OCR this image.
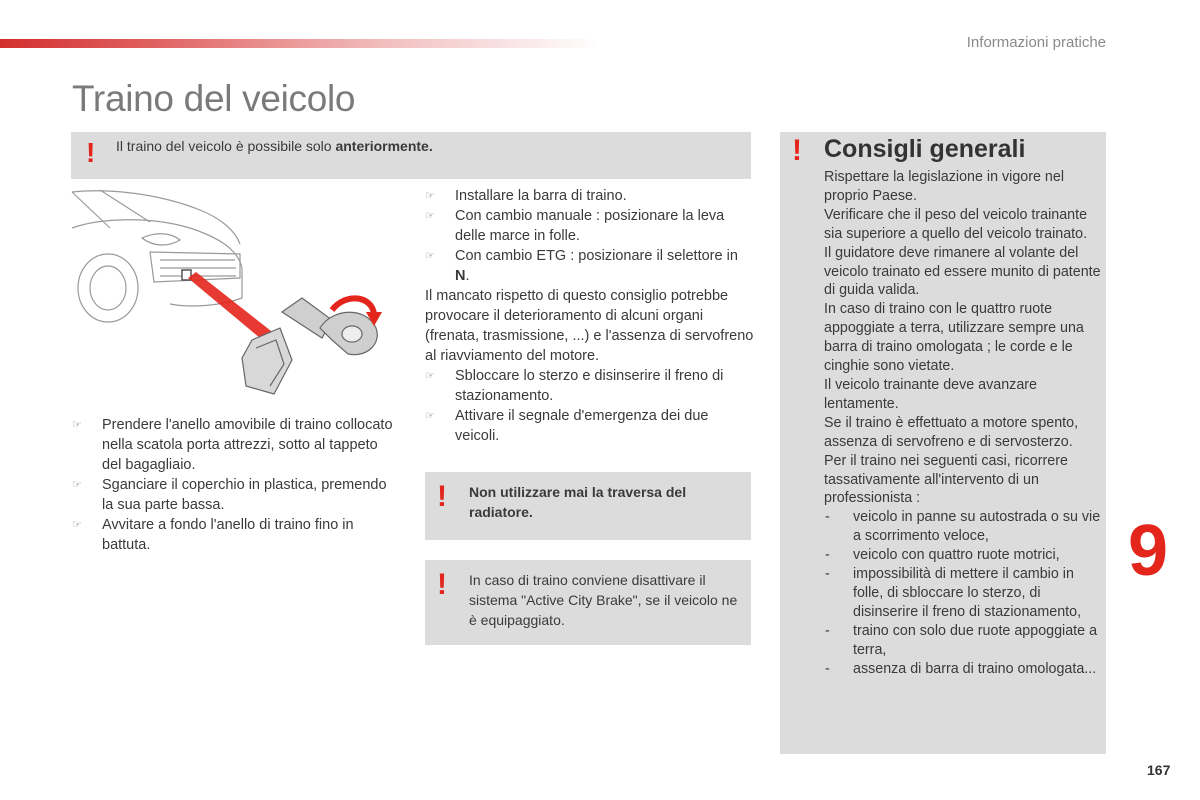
Informazioni pratiche
Traino del veicolo
! Il traino del veicolo è possibile solo anteriormente.
☞ Prendere l'anello amovibile di traino collocato nella scatola porta attrezzi, sotto al tappeto del bagagliaio.
☞ Sganciare il coperchio in plastica, premendo la sua parte bassa.
☞ Avvitare a fondo l'anello di traino fino in battuta.
☞ Installare la barra di traino.
☞ Con cambio manuale : posizionare la leva delle marce in folle.
☞ Con cambio ETG : posizionare il selettore in N.
Il mancato rispetto di questo consiglio potrebbe provocare il deterioramento di alcuni organi (frenata, trasmissione, ...) e l'assenza di servofreno al riavviamento del motore.
☞ Sbloccare lo sterzo e disinserire il freno di stazionamento.
☞ Attivare il segnale d'emergenza dei due veicoli.
! Non utilizzare mai la traversa del radiatore.
! In caso di traino conviene disattivare il sistema "Active City Brake", se il veicolo ne è equipaggiato.
! Consigli generali
Rispettare la legislazione in vigore nel proprio Paese.
Verificare che il peso del veicolo trainante sia superiore a quello del veicolo trainato.
Il guidatore deve rimanere al volante del veicolo trainato ed essere munito di patente di guida valida.
In caso di traino con le quattro ruote appoggiate a terra, utilizzare sempre una barra di traino omologata ; le corde e le cinghie sono vietate.
Il veicolo trainante deve avanzare lentamente.
Se il traino è effettuato a motore spento, assenza di servofreno e di servosterzo.
Per il traino nei seguenti casi, ricorrere tassativamente all'intervento di un professionista :
- veicolo in panne su autostrada o su vie a scorrimento veloce,
- veicolo con quattro ruote motrici,
- impossibilità di mettere il cambio in folle, di sbloccare lo sterzo, di disinserire il freno di stazionamento,
- traino con solo due ruote appoggiate a terra,
- assenza di barra di traino omologata...
9
167
